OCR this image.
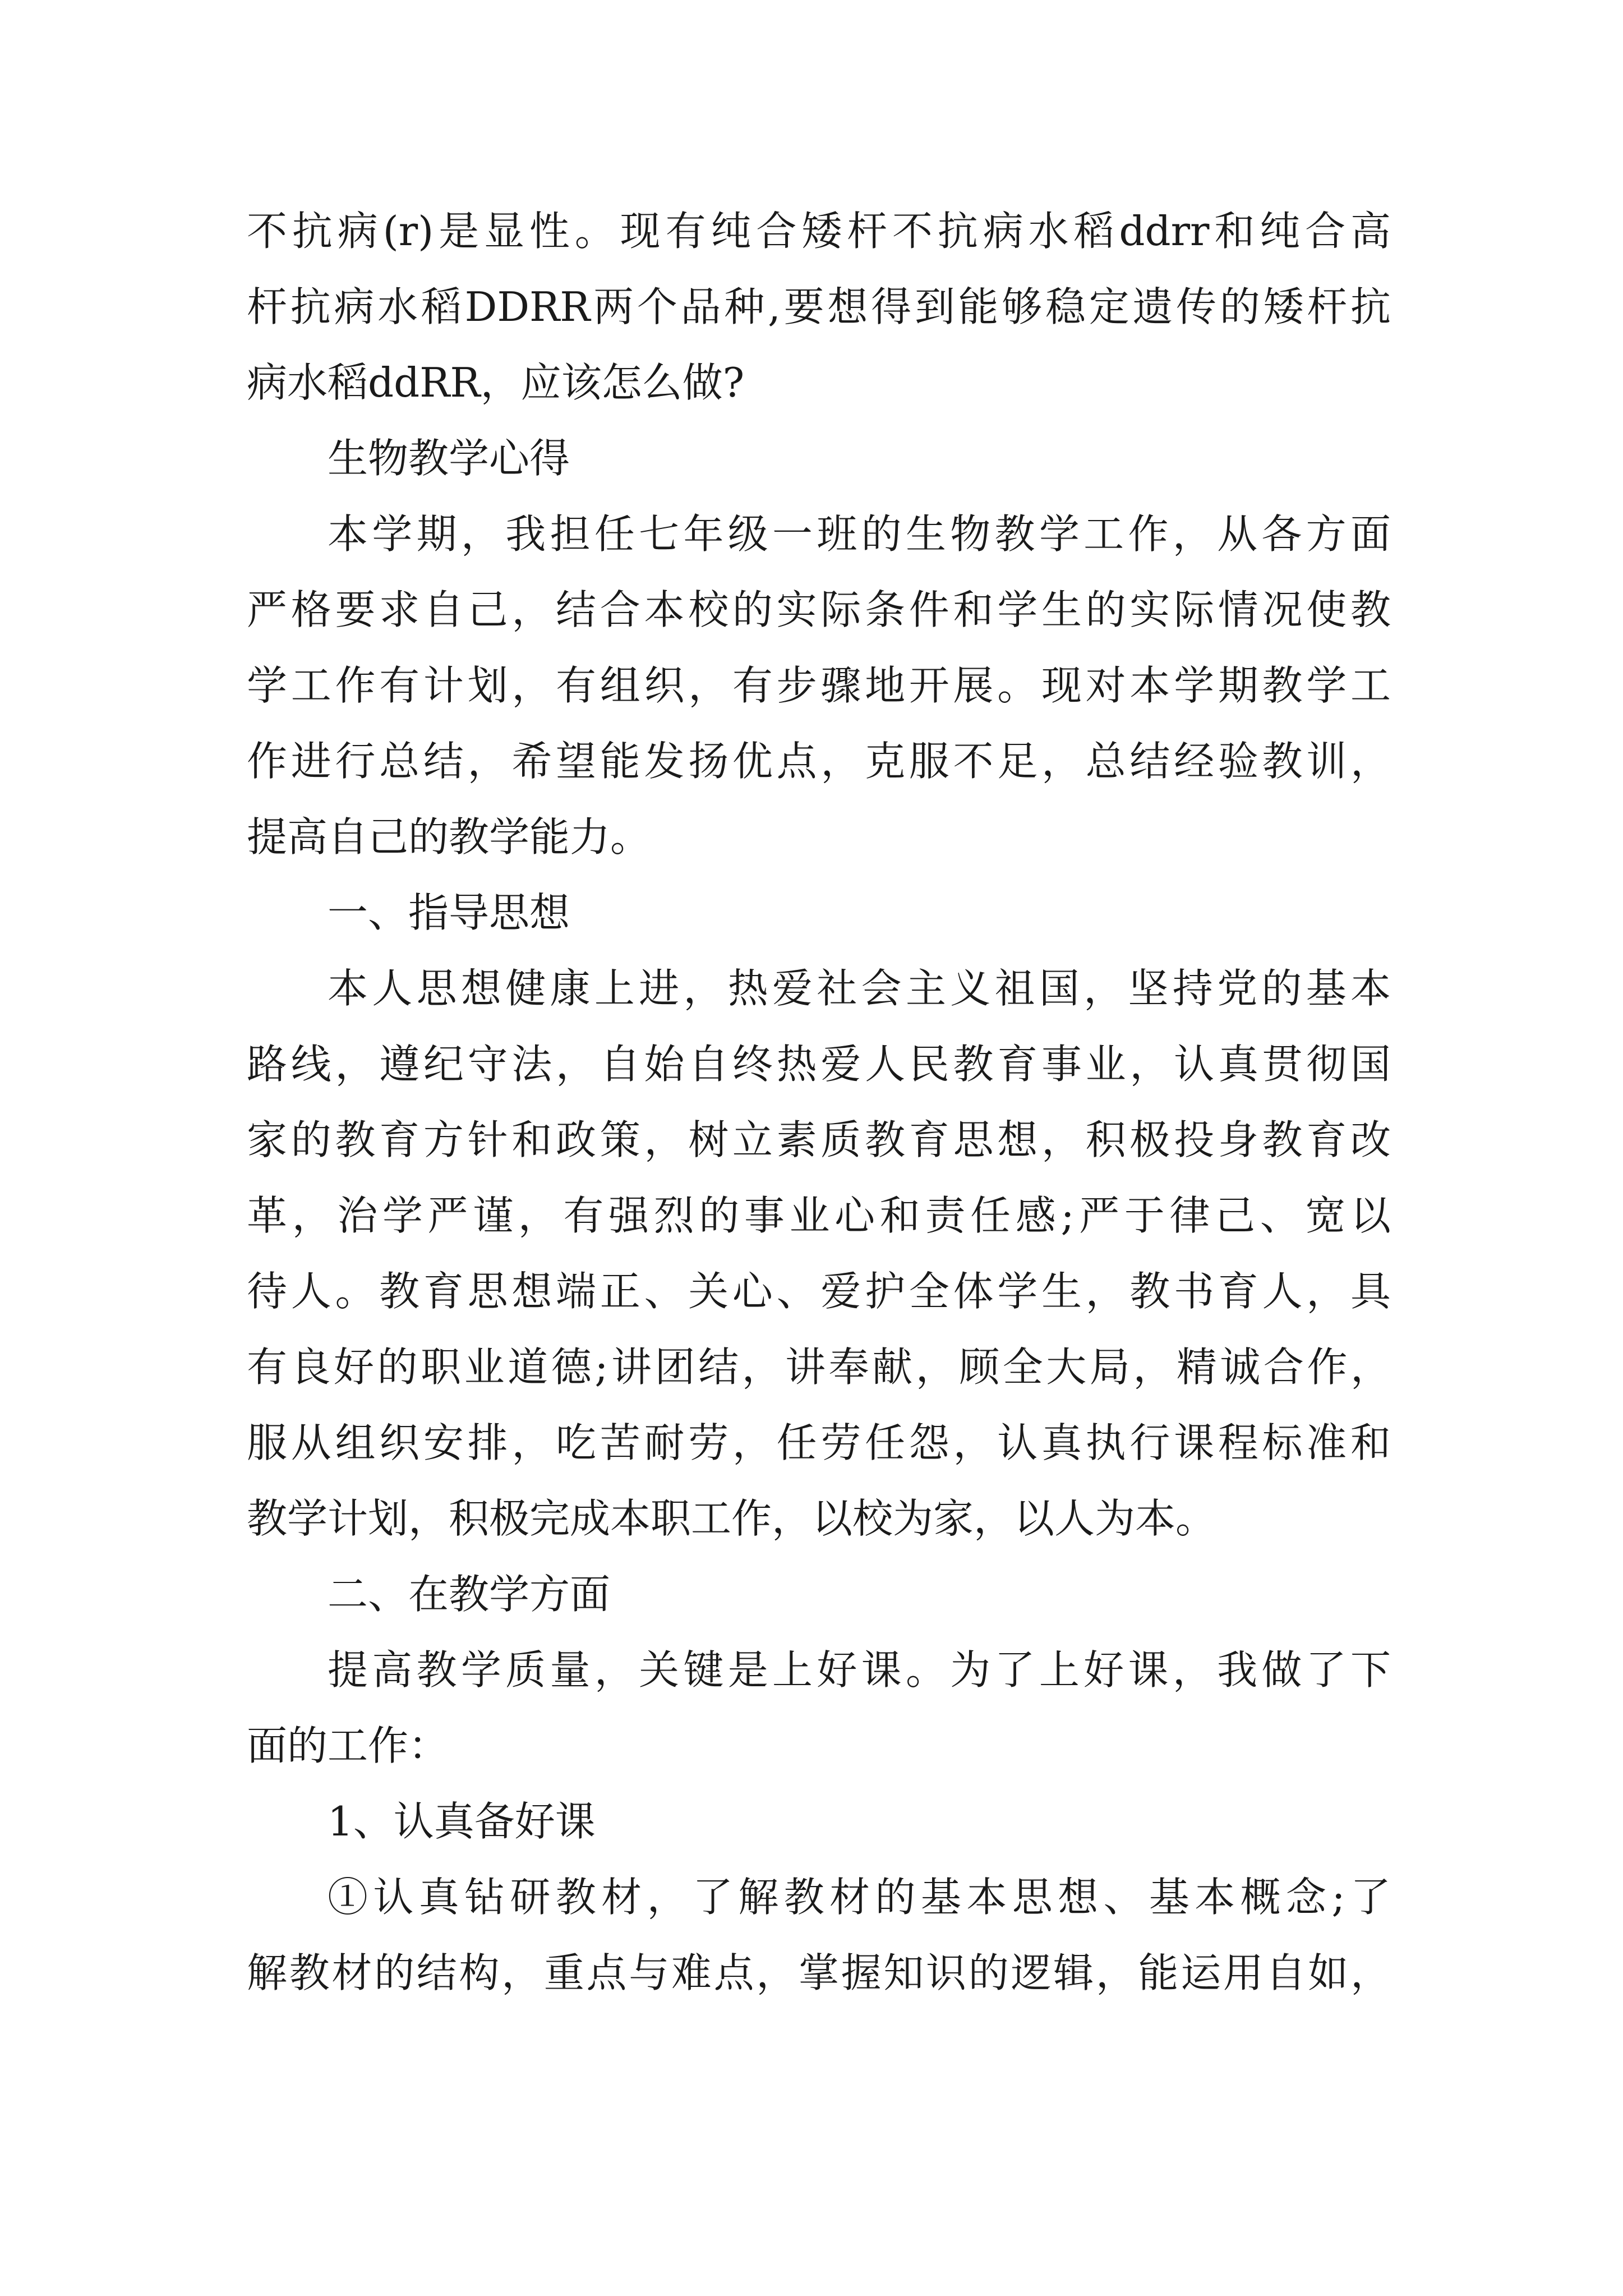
不抗病(r)是显性。现有纯合矮杆不抗病水稻ddrr和纯合高
杆抗病水稻DDRR两个品种,要想得到能够稳定遗传的矮杆抗
病水稻ddRR，应该怎么做?
生物教学心得
本学期，我担任七年级一班的生物教学工作，从各方面
严格要求自己，结合本校的实际条件和学生的实际情况使教
学工作有计划，有组织，有步骤地开展。现对本学期教学工
作进行总结，希望能发扬优点，克服不足，总结经验教训，
提高自己的教学能力。
一、指导思想
本人思想健康上进，热爱社会主义祖国，坚持党的基本
路线，遵纪守法，自始自终热爱人民教育事业，认真贯彻国
家的教育方针和政策，树立素质教育思想，积极投身教育改
革，治学严谨，有强烈的事业心和责任感;严于律己、宽以
待人。教育思想端正、关心、爱护全体学生，教书育人，具
有良好的职业道德;讲团结，讲奉献，顾全大局，精诚合作，
服从组织安排，吃苦耐劳，任劳任怨，认真执行课程标准和
教学计划，积极完成本职工作，以校为家，以人为本。
二、在教学方面
提高教学质量，关键是上好课。为了上好课，我做了下
面的工作：
1、认真备好课
①认真钻研教材，了解教材的基本思想、基本概念;了
解教材的结构，重点与难点，掌握知识的逻辑，能运用自如，
